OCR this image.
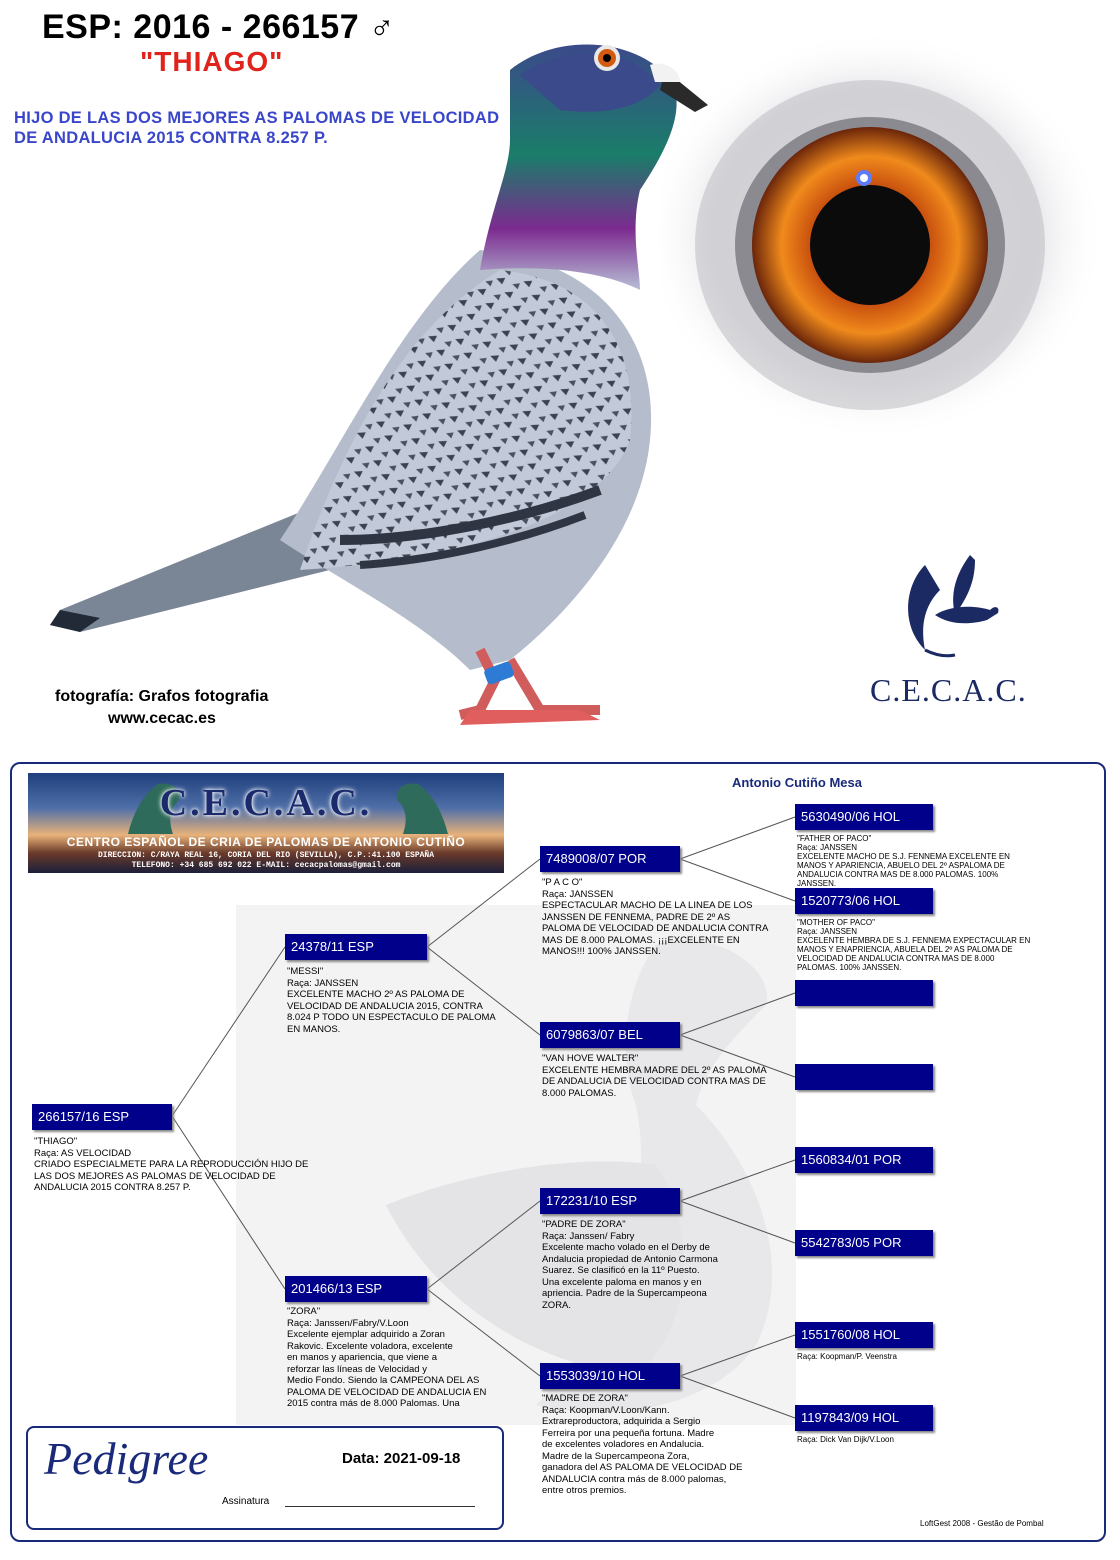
ESP: 2016 - 266157 ♂
"THIAGO"
HIJO DE LAS DOS MEJORES AS PALOMAS DE VELOCIDAD DE ANDALUCIA 2015 CONTRA 8.257 P.
fotografía: Grafos fotografia
www.cecac.es
C.E.C.A.C.
C.E.C.A.C.
CENTRO ESPAÑOL DE CRIA DE PALOMAS DE ANTONIO CUTIÑO
DIRECCION: C/RAYA REAL 16, CORIA DEL RIO (SEVILLA), C.P.:41.100 ESPAÑA
TELEFONO: +34 685 692 022 E-MAIL: cecacpalomas@gmail.com
Antonio Cutiño Mesa
266157/16 ESP
"THIAGO"
Raça: AS VELOCIDAD
CRIADO ESPECIALMETE PARA LA REPRODUCCIÓN HIJO DE
LAS DOS MEJORES AS PALOMAS DE VELOCIDAD DE
ANDALUCIA 2015 CONTRA 8.257 P.
24378/11 ESP
"MESSI"
Raça: JANSSEN
EXCELENTE MACHO 2º AS PALOMA DE
VELOCIDAD DE ANDALUCIA 2015, CONTRA
8.024 P TODO UN ESPECTACULO DE PALOMA
EN MANOS.
201466/13 ESP
"ZORA"
Raça: Janssen/Fabry/V.Loon
Excelente ejemplar adquirido a Zoran
Rakovic. Excelente voladora, excelente
en manos y apariencia, que viene a
reforzar las líneas de Velocidad y
Medio Fondo. Siendo la CAMPEONA DEL AS
PALOMA DE VELOCIDAD DE ANDALUCIA EN
2015 contra más de 8.000 Palomas. Una
7489008/07 POR
"P A C O"
Raça: JANSSEN
ESPECTACULAR MACHO DE LA LINEA DE LOS
JANSSEN DE FENNEMA, PADRE DE 2º AS
PALOMA DE VELOCIDAD DE ANDALUCIA CONTRA
MAS DE 8.000 PALOMAS. ¡¡¡EXCELENTE EN
MANOS!!! 100% JANSSEN.
6079863/07 BEL
"VAN HOVE WALTER"
EXCELENTE HEMBRA MADRE DEL 2º AS PALOMA
DE ANDALUCIA DE VELOCIDAD CONTRA MAS DE
8.000 PALOMAS.
172231/10 ESP
"PADRE DE ZORA"
Raça: Janssen/ Fabry
Excelente macho volado en el Derby de
Andalucia propiedad de Antonio Carmona
Suarez. Se clasificó en la 11º Puesto.
Una excelente paloma en manos y en
apriencia. Padre de la Supercampeona
ZORA.
1553039/10 HOL
"MADRE DE ZORA"
Raça: Koopman/V.Loon/Kann.
Extrareproductora, adquirida a Sergio
Ferreira por una pequeña fortuna. Madre
de excelentes voladores en Andalucia.
Madre de la Supercampeona Zora,
ganadora del AS PALOMA DE VELOCIDAD DE
ANDALUCIA contra más de 8.000 palomas,
entre otros premios.
5630490/06 HOL
"FATHER OF PACO"
Raça: JANSSEN
EXCELENTE MACHO DE S.J. FENNEMA EXCELENTE EN
MANOS Y APARIENCIA, ABUELO DEL 2º ASPALOMA DE
ANDALUCIA CONTRA MAS DE 8.000 PALOMAS. 100%
JANSSEN.
1520773/06 HOL
"MOTHER OF PACO"
Raça: JANSSEN
EXCELENTE HEMBRA DE S.J. FENNEMA EXPECTACULAR EN
MANOS Y ENAPRIENCIA, ABUELA DEL 2º AS PALOMA DE
VELOCIDAD DE ANDALUCIA CONTRA MAS DE 8.000
PALOMAS. 100% JANSSEN.
1560834/01 POR
5542783/05 POR
1551760/08 HOL
Raça: Koopman/P. Veenstra
1197843/09 HOL
Raça: Dick Van Dijk/V.Loon
Pedigree	Data: 2021-09-18
Assinatura
LoftGest 2008 - Gestão de Pombal
